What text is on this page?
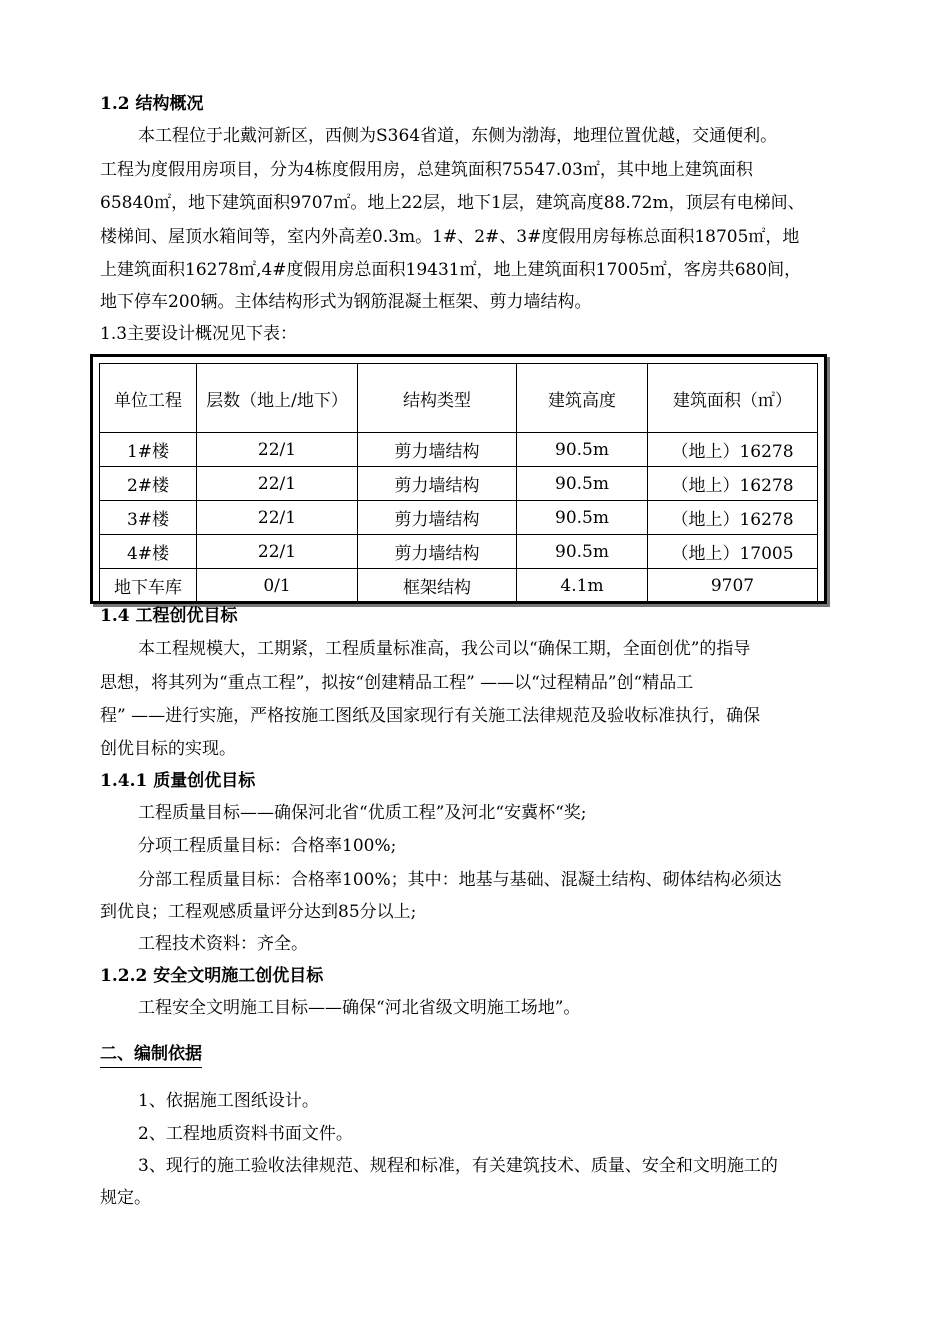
1.2 结构概况
本工程位于北戴河新区，西侧为S364省道，东侧为渤海，地理位置优越，交通便利。
工程为度假用房项目，分为4栋度假用房，总建筑面积75547.03㎡，其中地上建筑面积
65840㎡，地下建筑面积9707㎡。地上22层，地下1层，建筑高度88.72m，顶层有电梯间、
楼梯间、屋顶水箱间等，室内外高差0.3m。1#、2#、3#度假用房每栋总面积18705㎡，地
上建筑面积16278㎡,4#度假用房总面积19431㎡，地上建筑面积17005㎡，客房共680间，
地下停车200辆。主体结构形式为钢筋混凝土框架、剪力墙结构。
1.3主要设计概况见下表：
单位工程	层数（地上/地下）	结构类型	建筑高度	建筑面积（㎡）
1#楼	22/1	剪力墙结构	90.5m	（地上）16278
2#楼	22/1	剪力墙结构	90.5m	（地上）16278
3#楼	22/1	剪力墙结构	90.5m	（地上）16278
4#楼	22/1	剪力墙结构	90.5m	（地上）17005
地下车库	0/1	框架结构	4.1m	9707
1.4 工程创优目标
本工程规模大，工期紧，工程质量标准高，我公司以“确保工期，全面创优”的指导
思想，将其列为“重点工程”，拟按“创建精品工程” ——以“过程精品”创“精品工
程” ——进行实施，严格按施工图纸及国家现行有关施工法律规范及验收标准执行，确保
创优目标的实现。
1.4.1 质量创优目标
工程质量目标——确保河北省“优质工程”及河北“安冀杯“奖;
分项工程质量目标：合格率100%;
分部工程质量目标：合格率100%；其中：地基与基础、混凝土结构、砌体结构必须达
到优良；工程观感质量评分达到85分以上;
工程技术资料：齐全。
1.2.2 安全文明施工创优目标
工程安全文明施工目标——确保“河北省级文明施工场地”。
二、编制依据
1、依据施工图纸设计。
2、工程地质资料书面文件。
3、现行的施工验收法律规范、规程和标准，有关建筑技术、质量、安全和文明施工的
规定。
